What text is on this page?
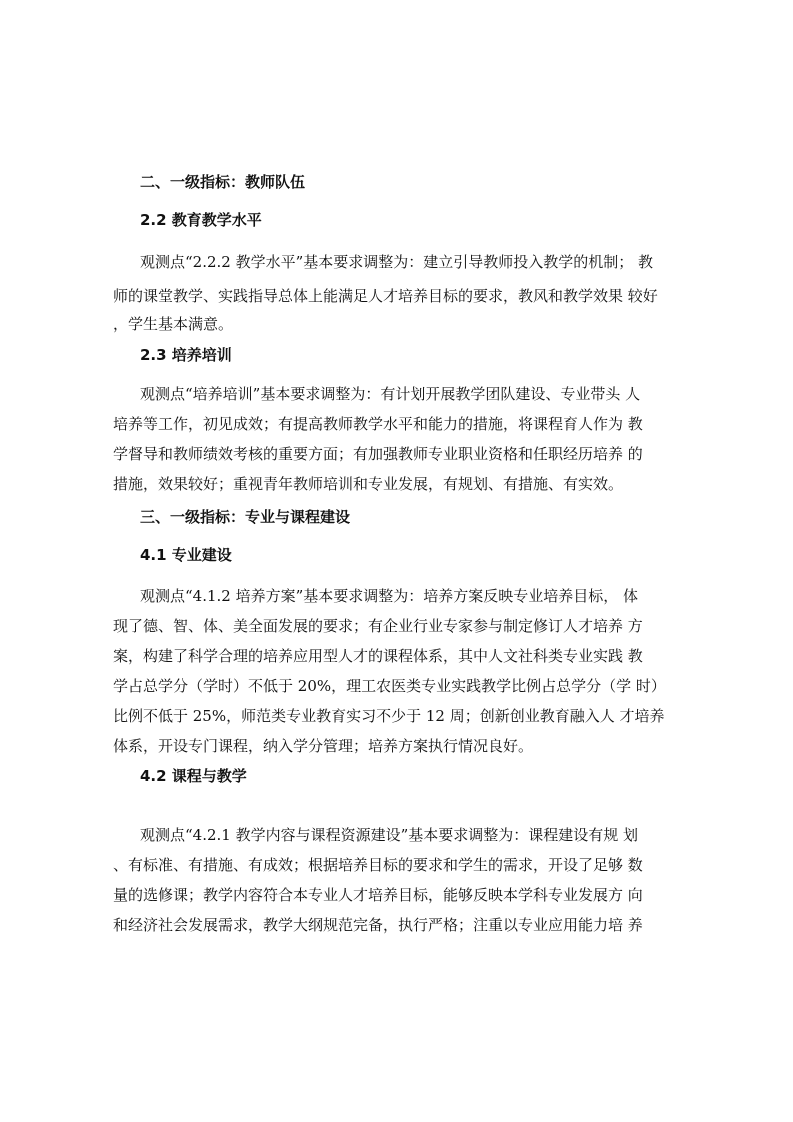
二、一级指标：教师队伍
2.2 教育教学水平
观测点“2.2.2 教学水平”基本要求调整为：建立引导教师投入教学的机制； 教
师的课堂教学、实践指导总体上能满足人才培养目标的要求，教风和教学效果 较好
，学生基本满意。
2.3 培养培训
观测点“培养培训”基本要求调整为：有计划开展教学团队建设、专业带头 人
培养等工作，初见成效；有提高教师教学水平和能力的措施，将课程育人作为 教
学督导和教师绩效考核的重要方面；有加强教师专业职业资格和任职经历培养 的
措施，效果较好；重视青年教师培训和专业发展，有规划、有措施、有实效。
三、一级指标：专业与课程建设
4.1 专业建设
观测点“4.1.2 培养方案”基本要求调整为：培养方案反映专业培养目标， 体
现了德、智、体、美全面发展的要求；有企业行业专家参与制定修订人才培养 方
案，构建了科学合理的培养应用型人才的课程体系，其中人文社科类专业实践 教
学占总学分（学时）不低于 20%，理工农医类专业实践教学比例占总学分（学 时）
比例不低于 25%，师范类专业教育实习不少于 12 周；创新创业教育融入人 才培养
体系，开设专门课程，纳入学分管理；培养方案执行情况良好。
4.2 课程与教学
观测点“4.2.1 教学内容与课程资源建设”基本要求调整为：课程建设有规 划
、有标准、有措施、有成效；根据培养目标的要求和学生的需求，开设了足够 数
量的选修课；教学内容符合本专业人才培养目标，能够反映本学科专业发展方 向
和经济社会发展需求，教学大纲规范完备，执行严格；注重以专业应用能力培 养
